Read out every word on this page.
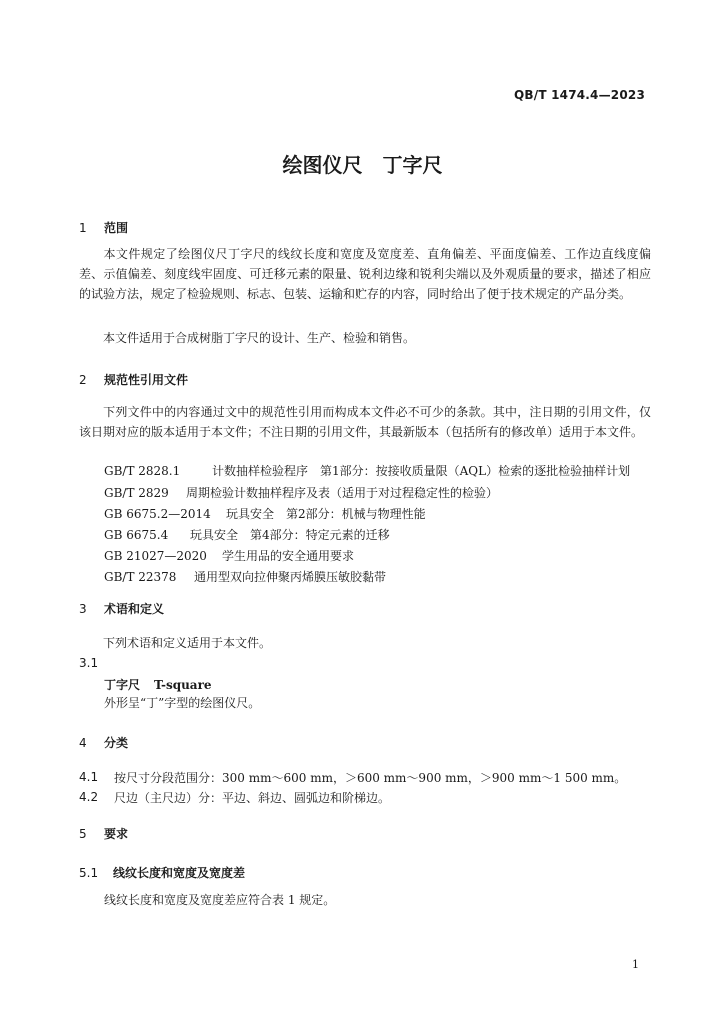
QB/T 1474.4—2023
绘图仪尺　丁字尺
1 范围
本文件规定了绘图仪尺丁字尺的线纹长度和宽度及宽度差、直角偏差、平面度偏差、工作边直线度偏差、示值偏差、刻度线牢固度、可迁移元素的限量、锐利边缘和锐利尖端以及外观质量的要求，描述了相应的试验方法，规定了检验规则、标志、包装、运输和贮存的内容，同时给出了便于技术规定的产品分类。
本文件适用于合成树脂丁字尺的设计、生产、检验和销售。
2 规范性引用文件
下列文件中的内容通过文中的规范性引用而构成本文件必不可少的条款。其中，注日期的引用文件，仅该日期对应的版本适用于本文件；不注日期的引用文件，其最新版本（包括所有的修改单）适用于本文件。
GB/T 2828.1	计数抽样检验程序　第1部分：按接收质量限（AQL）检索的逐批检验抽样计划
GB/T 2829 周期检验计数抽样程序及表（适用于对过程稳定性的检验）
GB 6675.2—2014 玩具安全　第2部分：机械与物理性能
GB 6675.4 玩具安全　第4部分：特定元素的迁移
GB 21027—2020 学生用品的安全通用要求
GB/T 22378 通用型双向拉伸聚丙烯膜压敏胶黏带
3 术语和定义
下列术语和定义适用于本文件。
3.1
丁字尺 T-square
外形呈“丁”字型的绘图仪尺。
4 分类
4.1 按尺寸分段范围分：300 mm～600 mm，＞600 mm～900 mm，＞900 mm～1 500 mm。
4.2 尺边（主尺边）分：平边、斜边、圆弧边和阶梯边。
5 要求
5.1 线纹长度和宽度及宽度差
线纹长度和宽度及宽度差应符合表 1 规定。
1
